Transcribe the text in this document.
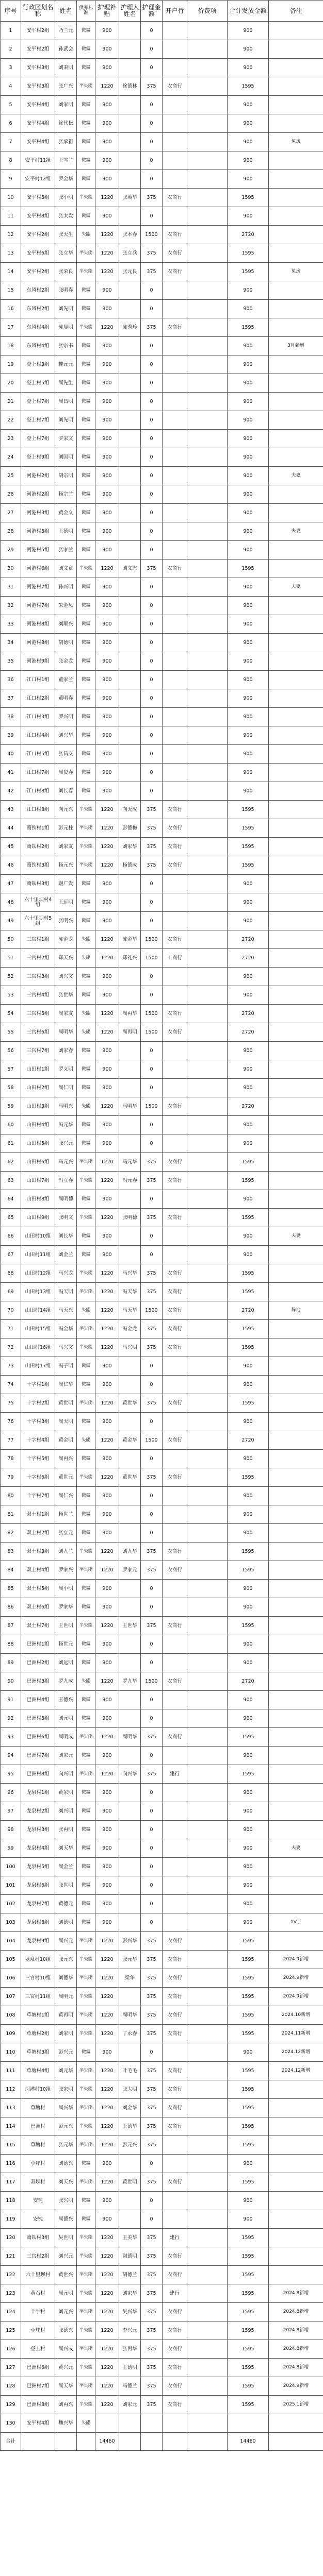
序号	行政区划名称	姓名	供养标准	护理补贴	护理人姓名	护理金额	开户行	价费项	合计发放金额	备注
1	安平村2组	乃兰元	微需	900		0			900	
2	安平村2组	孙武会	微需	900		0			900	
3	安平村3组	刘秉明	微需	900		0			900	
4	安平村3组	张广兴	半失能	1220	徐德林	375	农商行		1595	
5	安平村4组	刘家明	微需	900		0			900	
6	安平村4组	徐代松	微需	900		0			900	
7	安平村4组	张承祖	微需	900		0			900	免房
8	安平村11组	王雪兰	微需	900		0			900	
9	安平村12组	罗金华	微需	900		0			900	
10	安平村5组	张小明	半失能	1220	张英华	375	农商行		1595	
11	安平村8组	张太发	微需	900		0			900	
12	安平村2组	张天生	失能	1220	张本春	1500	农商行		2720	
13	安平村6组	张立华	半失能	1220	张立兵	375	农商行		1595	
14	安平村2组	张荣良	半失能	1220	张元良	375	农商行		1595	免房
15	东风村2组	张明春	微需	900		0			900	
16	东风村2组	刘先明	微需	900		0			900	
17	东风村4组	陈显明	半失能	1220	陈秀珍	375	农商行		1595	
18	东风村4组	张宗书	微需	900		0			900	3月新增
19	登上村3组	魏元元	微需	900		0			900	
20	登上村5组	周先生	微需	900		0			900	
21	登上村7组	周昌明	微需	900		0			900	
22	登上村7组	刘先明	微需	900		0			900	
23	登上村7组	罗家文	微需	900		0			900	
24	登上村9组	刘国明	微需	900		0			900	
25	河港村2组	胡宗明	微需	900		0			900	夫妻
26	河港村2组	杨宗兰	微需	900		0			900	
27	河港村3组	黄金义	微需	900		0			900	
28	河港村5组	王德明	微需	900		0			900	夫妻
29	河港村5组	张家兰	微需	900		0			900	
30	河港村6组	刘文章	半失能	1220	刘文志	375	农商行		1595	
31	河港村7组	孙兴明	微需	900		0			900	夫妻
32	河港村7组	朱金凤	微需	900		0			900	
33	河港村8组	刘顺兴	微需	900		0			900	
34	河港村8组	胡德明	微需	900		0			900	
35	河港村9组	张金龙	微需	900		0			900	
36	江口村1组	董家兰	微需	900		0			900	
37	江口村2组	董明春	微需	900		0			900	
38	江口村3组	罗兴明	微需	900		0			900	
39	江口村4组	刘兴华	微需	900		0			900	
40	江口村5组	张昌文	微需	900		0			900	
41	江口村7组	周贤春	微需	900		0			900	
42	江口村8组	刘长春	微需	900		0			900	
43	江口村8组	向元兴	半失能	1220	向天成	375	农商行		1595	
44	蔺铁村1组	彭元柱	半失能	1220	彭德梅	375	农商行		1595	
45	蔺铁村2组	刘家友	半失能	1220	刘家华	375	农商行		1595	
46	蔺铁村3组	杨元兴	半失能	1220	杨德成	375	农商行		1595	
47	蔺铁村3组	谢广发	微需	900		0			900	
48	六十里坝村4组	王远明	微需	900		0			900	
49	六十里坝村5组	张明兴	微需	900		0			900	
50	三官村1组	陈金龙	失能	1220	陈金华	1500	农商行		2720	
51	三官村2组	郑天兴	失能	1220	郑礼兴	1500	工商行		2720	
52	三官村3组	刘兴文	微需	900		0			900	
53	三官村4组	张世华	微需	900		0			900	
54	三官村5组	周家友	失能	1220	周再华	1500	农商行		2720	
55	三官村6组	周明华	失能	1220	周再明	1500	农商行		2720	
56	三官村7组	刘家春	微需	900		0			900	
57	山田村1组	罗义明	微需	900		0			900	
58	山田村2组	周仁明	微需	900		0			900	
59	山田村3组	马明兴	失能	1220	马明华	1500	农商行		2720	
60	山田村4组	冯元华	微需	900		0			900	
61	山田村5组	张兴元	微需	900		0			900	
62	山田村6组	马元兴	半失能	1220	马元华	375	农商行		1595	
63	山田村7组	冯立春	半失能	1220	冯元春	375	农商行		1595	
64	山田村8组	周明德	微需	900		0			900	
65	山田村9组	张明文	半失能	1220	张明德	375	农商行		1595	
66	山田村10组	刘长华	微需	900		0			900	夫妻
67	山田村11组	刘金兰	微需	900		0			900	
68	山田村12组	马兴龙	半失能	1220	马兴华	375	农商行		1595	
69	山田村13组	冯天明	半失能	1220	冯天华	375	农商行		1595	
70	山田村14组	马天兴	失能	1220	马天华	1500	农商行		2720	异地
71	山田村15组	冯金华	半失能	1220	冯金龙	375	农商行		1595	
72	山田村16组	马兴文	半失能	1220	马兴明	375	农商行		1595	
73	山田村17组	冯子明	微需	900		0			900	
74	十字村1组	周仁华	微需	900		0			900	
75	十字村2组	黄世明	半失能	1220	黄世华	375	农商行		1595	
76	十字村3组	周天明	微需	900		0			900	
77	十字村4组	黄金明	失能	1220	黄金华	1500	农商行		2720	
78	十字村5组	周再兴	微需	900		0			900	
79	十字村6组	董世元	半失能	1220	董世华	375	农商行		1595	
80	十字村7组	周仁兴	微需	900		0			900	
81	双土村1组	杨世兰	微需	900		0			900	
82	双土村2组	张立元	微需	900		0			900	
83	双土村3组	刘九兰	半失能	1220	刘九华	375	农商行		1595	
84	双土村4组	罗家兴	半失能	1220	罗家元	375	农商行		1595	
85	双土村5组	周小明	微需	900		0			900	
86	双土村6组	罗家华	微需	900		0			900	
87	双土村7组	王世明	半失能	1220	王世华	375	农商行		1595	
88	巴洲村1组	杨世元	微需	900		0			900	
89	巴洲村2组	刘远明	微需	900		0			900	
90	巴洲村3组	罗九成	失能	1220	罗九华	1500	农商行		2720	
91	巴洲村4组	王德兴	微需	900		0			900	
92	巴洲村5组	刘元明	微需	900		0			900	
93	巴洲村6组	周明成	半失能	1220	周明华	375	农商行		1595	
94	巴洲村7组	刘家元	微需	900		0			900	
95	巴洲村8组	向兴明	半失能	1220	向兴华	375	建行		1595	
96	龙泉村1组	黄家明	微需	900		0			900	
97	龙泉村2组	刘兴明	微需	900		0			900	
98	龙泉村3组	张再明	微需	900		0			900	
99	龙泉村4组	刘天华	微需	900		0			900	夫妻
100	龙泉村5组	周金兰	微需	900		0			900	
101	龙泉村6组	张世明	微需	900		0			900	
102	龙泉村7组	黄德元	微需	900		0			900	
103	龙泉村8组	刘德明	微需	900		0			900	1V于
104	龙泉村9组	周兴元	半失能	1220	彭兴华	375	农商行		1595	
105	龙泉村10组	张元兴	半失能	1220	张元华	375	农商行		1595	2024.9新增
106	三官村10组	刘德华	半失能	1220	梁华	375	农商行		1595	2024.9新增
107	三官村11组	周明元	半失能	1220		375	农商行		1595	2024.9新增
108	草塘村1组	黄再明	半失能	1220	周明华	375	农商行		1595	2024.10新增
109	草塘村2组	刘家明	半失能	1220	丁永春	375	农商行		1595	2024.11新增
110	草塘村3组	彭兴元	微需	900		0			900	2024.12新增
111	草塘村4组	刘元华	半失能	1220	叶毛毛	375	农商行		1595	2024.12新增
112	河港村10组	张家明	半失能	1220	张大明	375	农商行		1595	
113	草塘村	周兴华	半失能	1220	刘金华	375	农商行		1595	
114	巴洲村	彭元兴	半失能	1220	王德华	375	农商行		1595	
115	草塘村	张元华	半失能	1220	彭元兴	375			1595	
116	小坪村	刘德兴	微需	900		0			900	
117	双坝村	刘天兴	半失能	1220	黄世明	375	农商行		1595	
118	安钝	张兴明	微需	900		0			900	
119	安钝	周德兴	微需	900		0			900	
120	蔺铁村3组	吴世明	半失能	1220	王美华	375	建行		1595	
121	三官村2组	刘兴元	半失能	1220	谢德明	375	农商行		1595	
122	六十里坝村	黄世兴	半失能	1220	胡德兰	375	农商行		1595	
123	黄石村	周元明	半失能	1220	刘家华	375	建行		1595	2024.8新增
124	十字村	刘元兴	半失能	1220	吴兴华	375	农商行		1595	2024.8新增
125	小坪村	张德兴	半失能	1220	李兴元	375	农商行		1595	2024.8新增
126	登上村	周兴成	半失能	1220	张再华	375	农商行		1595	2024.8新增
127	巴洲村6组	黄兴元	半失能	1220	王德明	375	农商行		1595	2024.8新增
128	巴洲村7组	周天华	半失能	1220	马德兰	375	农商行		1595	2024.9新增
129	巴洲村8组	刘再兴	半失能	1220	刘家元	375	农商行		1595	2025.1新增
130	安平村4组	魏兴华	失能							
合计				14460					14460	
